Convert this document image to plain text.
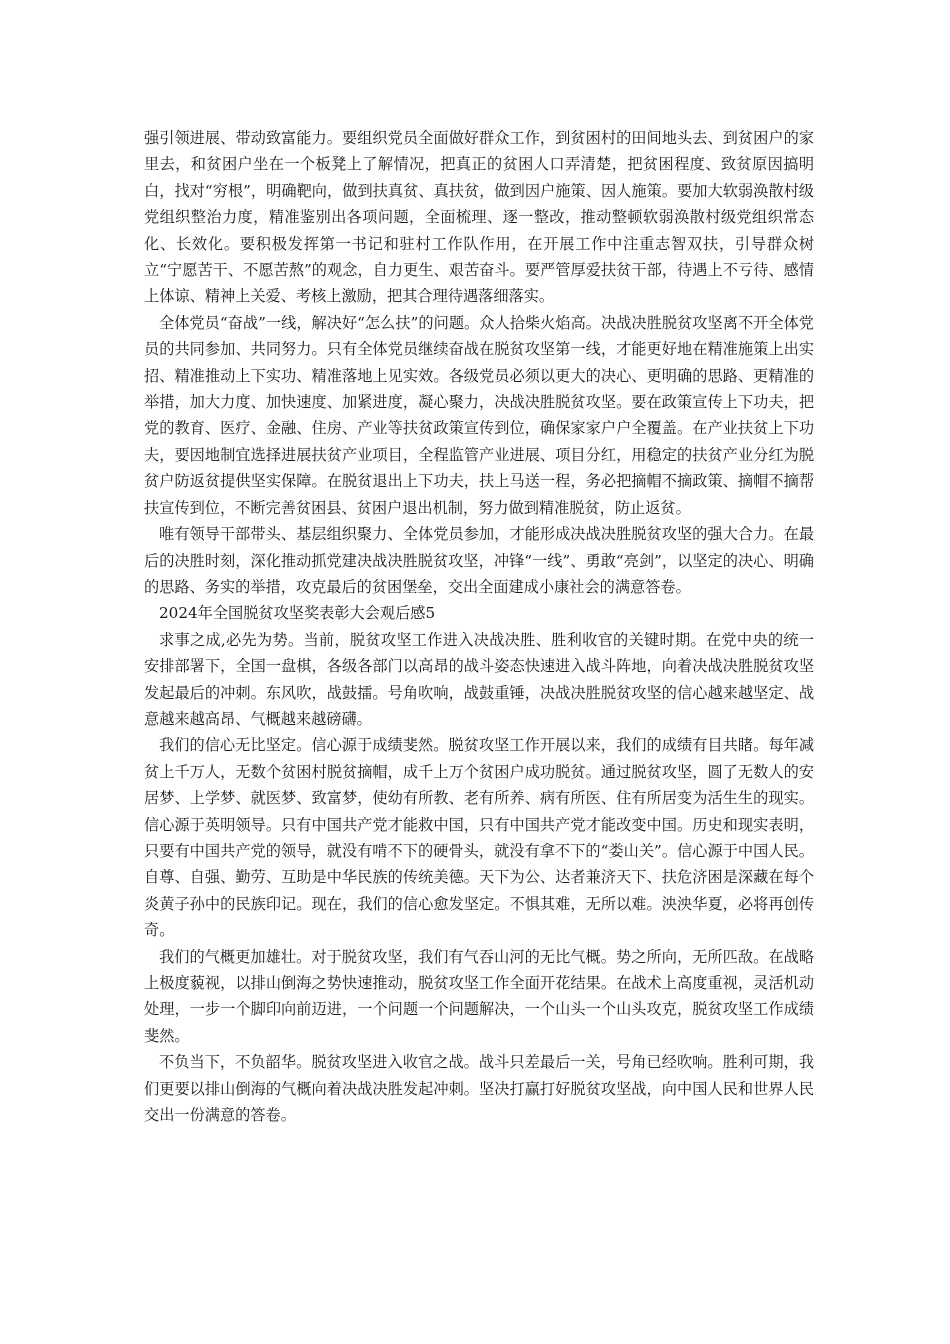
强引领进展、带动致富能力。要组织党员全面做好群众工作，到贫困村的田间地头去、到贫困户的家里去，和贫困户坐在一个板凳上了解情况，把真正的贫困人口弄清楚，把贫困程度、致贫原因搞明白，找对“穷根”，明确靶向，做到扶真贫、真扶贫，做到因户施策、因人施策。要加大软弱涣散村级党组织整治力度，精准鉴别出各项问题，全面梳理、逐一整改，推动整顿软弱涣散村级党组织常态化、长效化。要积极发挥第一书记和驻村工作队作用，在开展工作中注重志智双扶，引导群众树立“宁愿苦干、不愿苦熬”的观念，自力更生、艰苦奋斗。要严管厚爱扶贫干部，待遇上不亏待、感情上体谅、精神上关爱、考核上激励，把其合理待遇落细落实。

全体党员“奋战”一线，解决好“怎么扶”的问题。众人拾柴火焰高。决战决胜脱贫攻坚离不开全体党员的共同参加、共同努力。只有全体党员继续奋战在脱贫攻坚第一线，才能更好地在精准施策上出实招、精准推动上下实功、精准落地上见实效。各级党员必须以更大的决心、更明确的思路、更精准的举措，加大力度、加快速度、加紧进度，凝心聚力，决战决胜脱贫攻坚。要在政策宣传上下功夫，把党的教育、医疗、金融、住房、产业等扶贫政策宣传到位，确保家家户户全覆盖。在产业扶贫上下功夫，要因地制宜选择进展扶贫产业项目，全程监管产业进展、项目分红，用稳定的扶贫产业分红为脱贫户防返贫提供坚实保障。在脱贫退出上下功夫，扶上马送一程，务必把摘帽不摘政策、摘帽不摘帮扶宣传到位，不断完善贫困县、贫困户退出机制，努力做到精准脱贫，防止返贫。

唯有领导干部带头、基层组织聚力、全体党员参加，才能形成决战决胜脱贫攻坚的强大合力。在最后的决胜时刻，深化推动抓党建决战决胜脱贫攻坚，冲锋“一线”、勇敢“亮剑”，以坚定的决心、明确的思路、务实的举措，攻克最后的贫困堡垒，交出全面建成小康社会的满意答卷。

2024年全国脱贫攻坚奖表彰大会观后感5

求事之成,必先为势。当前，脱贫攻坚工作进入决战决胜、胜利收官的关键时期。在党中央的统一安排部署下，全国一盘棋，各级各部门以高昂的战斗姿态快速进入战斗阵地，向着决战决胜脱贫攻坚发起最后的冲刺。东风吹，战鼓擂。号角吹响，战鼓重锤，决战决胜脱贫攻坚的信心越来越坚定、战意越来越高昂、气概越来越磅礴。

我们的信心无比坚定。信心源于成绩斐然。脱贫攻坚工作开展以来，我们的成绩有目共睹。每年减贫上千万人，无数个贫困村脱贫摘帽，成千上万个贫困户成功脱贫。通过脱贫攻坚，圆了无数人的安居梦、上学梦、就医梦、致富梦，使幼有所教、老有所养、病有所医、住有所居变为活生生的现实。信心源于英明领导。只有中国共产党才能救中国，只有中国共产党才能改变中国。历史和现实表明，只要有中国共产党的领导，就没有啃不下的硬骨头，就没有拿不下的“娄山关”。信心源于中国人民。自尊、自强、勤劳、互助是中华民族的传统美德。天下为公、达者兼济天下、扶危济困是深藏在每个炎黄子孙中的民族印记。现在，我们的信心愈发坚定。不惧其难，无所以难。泱泱华夏，必将再创传奇。

我们的气概更加雄壮。对于脱贫攻坚，我们有气吞山河的无比气概。势之所向，无所匹敌。在战略上极度藐视，以排山倒海之势快速推动，脱贫攻坚工作全面开花结果。在战术上高度重视，灵活机动处理，一步一个脚印向前迈进，一个问题一个问题解决，一个山头一个山头攻克，脱贫攻坚工作成绩斐然。

不负当下，不负韶华。脱贫攻坚进入收官之战。战斗只差最后一关，号角已经吹响。胜利可期，我们更要以排山倒海的气概向着决战决胜发起冲刺。坚决打赢打好脱贫攻坚战，向中国人民和世界人民交出一份满意的答卷。
